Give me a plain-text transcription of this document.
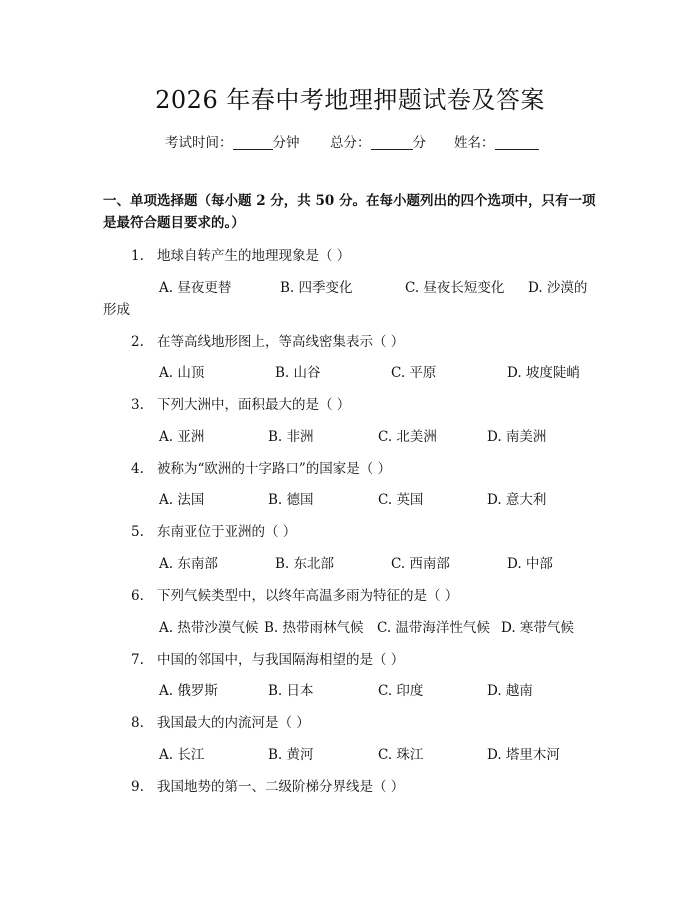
2026 年春中考地理押题试卷及答案
考试时间：	分钟 总分：	分 姓名：
一、单项选择题（每小题 2 分，共 50 分。在每小题列出的四个选项中，只有一项是最符合题目要求的。）
1. 地球自转产生的地理现象是（ ）
A. 昼夜更替	B. 四季变化	C. 昼夜长短变化 D. 沙漠的
形成
2. 在等高线地形图上，等高线密集表示（ ）
A. 山顶	B. 山谷	C. 平原	D. 坡度陡峭
3. 下列大洲中，面积最大的是（ ）
A. 亚洲	B. 非洲	C. 北美洲	D. 南美洲
4. 被称为“欧洲的十字路口”的国家是（ ）
A. 法国	B. 德国	C. 英国	D. 意大利
5. 东南亚位于亚洲的（ ）
A. 东南部	B. 东北部	C. 西南部	D. 中部
6. 下列气候类型中，以终年高温多雨为特征的是（ ）
A. 热带沙漠气候 B. 热带雨林气候 C. 温带海洋性气候 D. 寒带气候
7. 中国的邻国中，与我国隔海相望的是（ ）
A. 俄罗斯	B. 日本	C. 印度	D. 越南
8. 我国最大的内流河是（ ）
A. 长江	B. 黄河	C. 珠江	D. 塔里木河
9. 我国地势的第一、二级阶梯分界线是（ ）
